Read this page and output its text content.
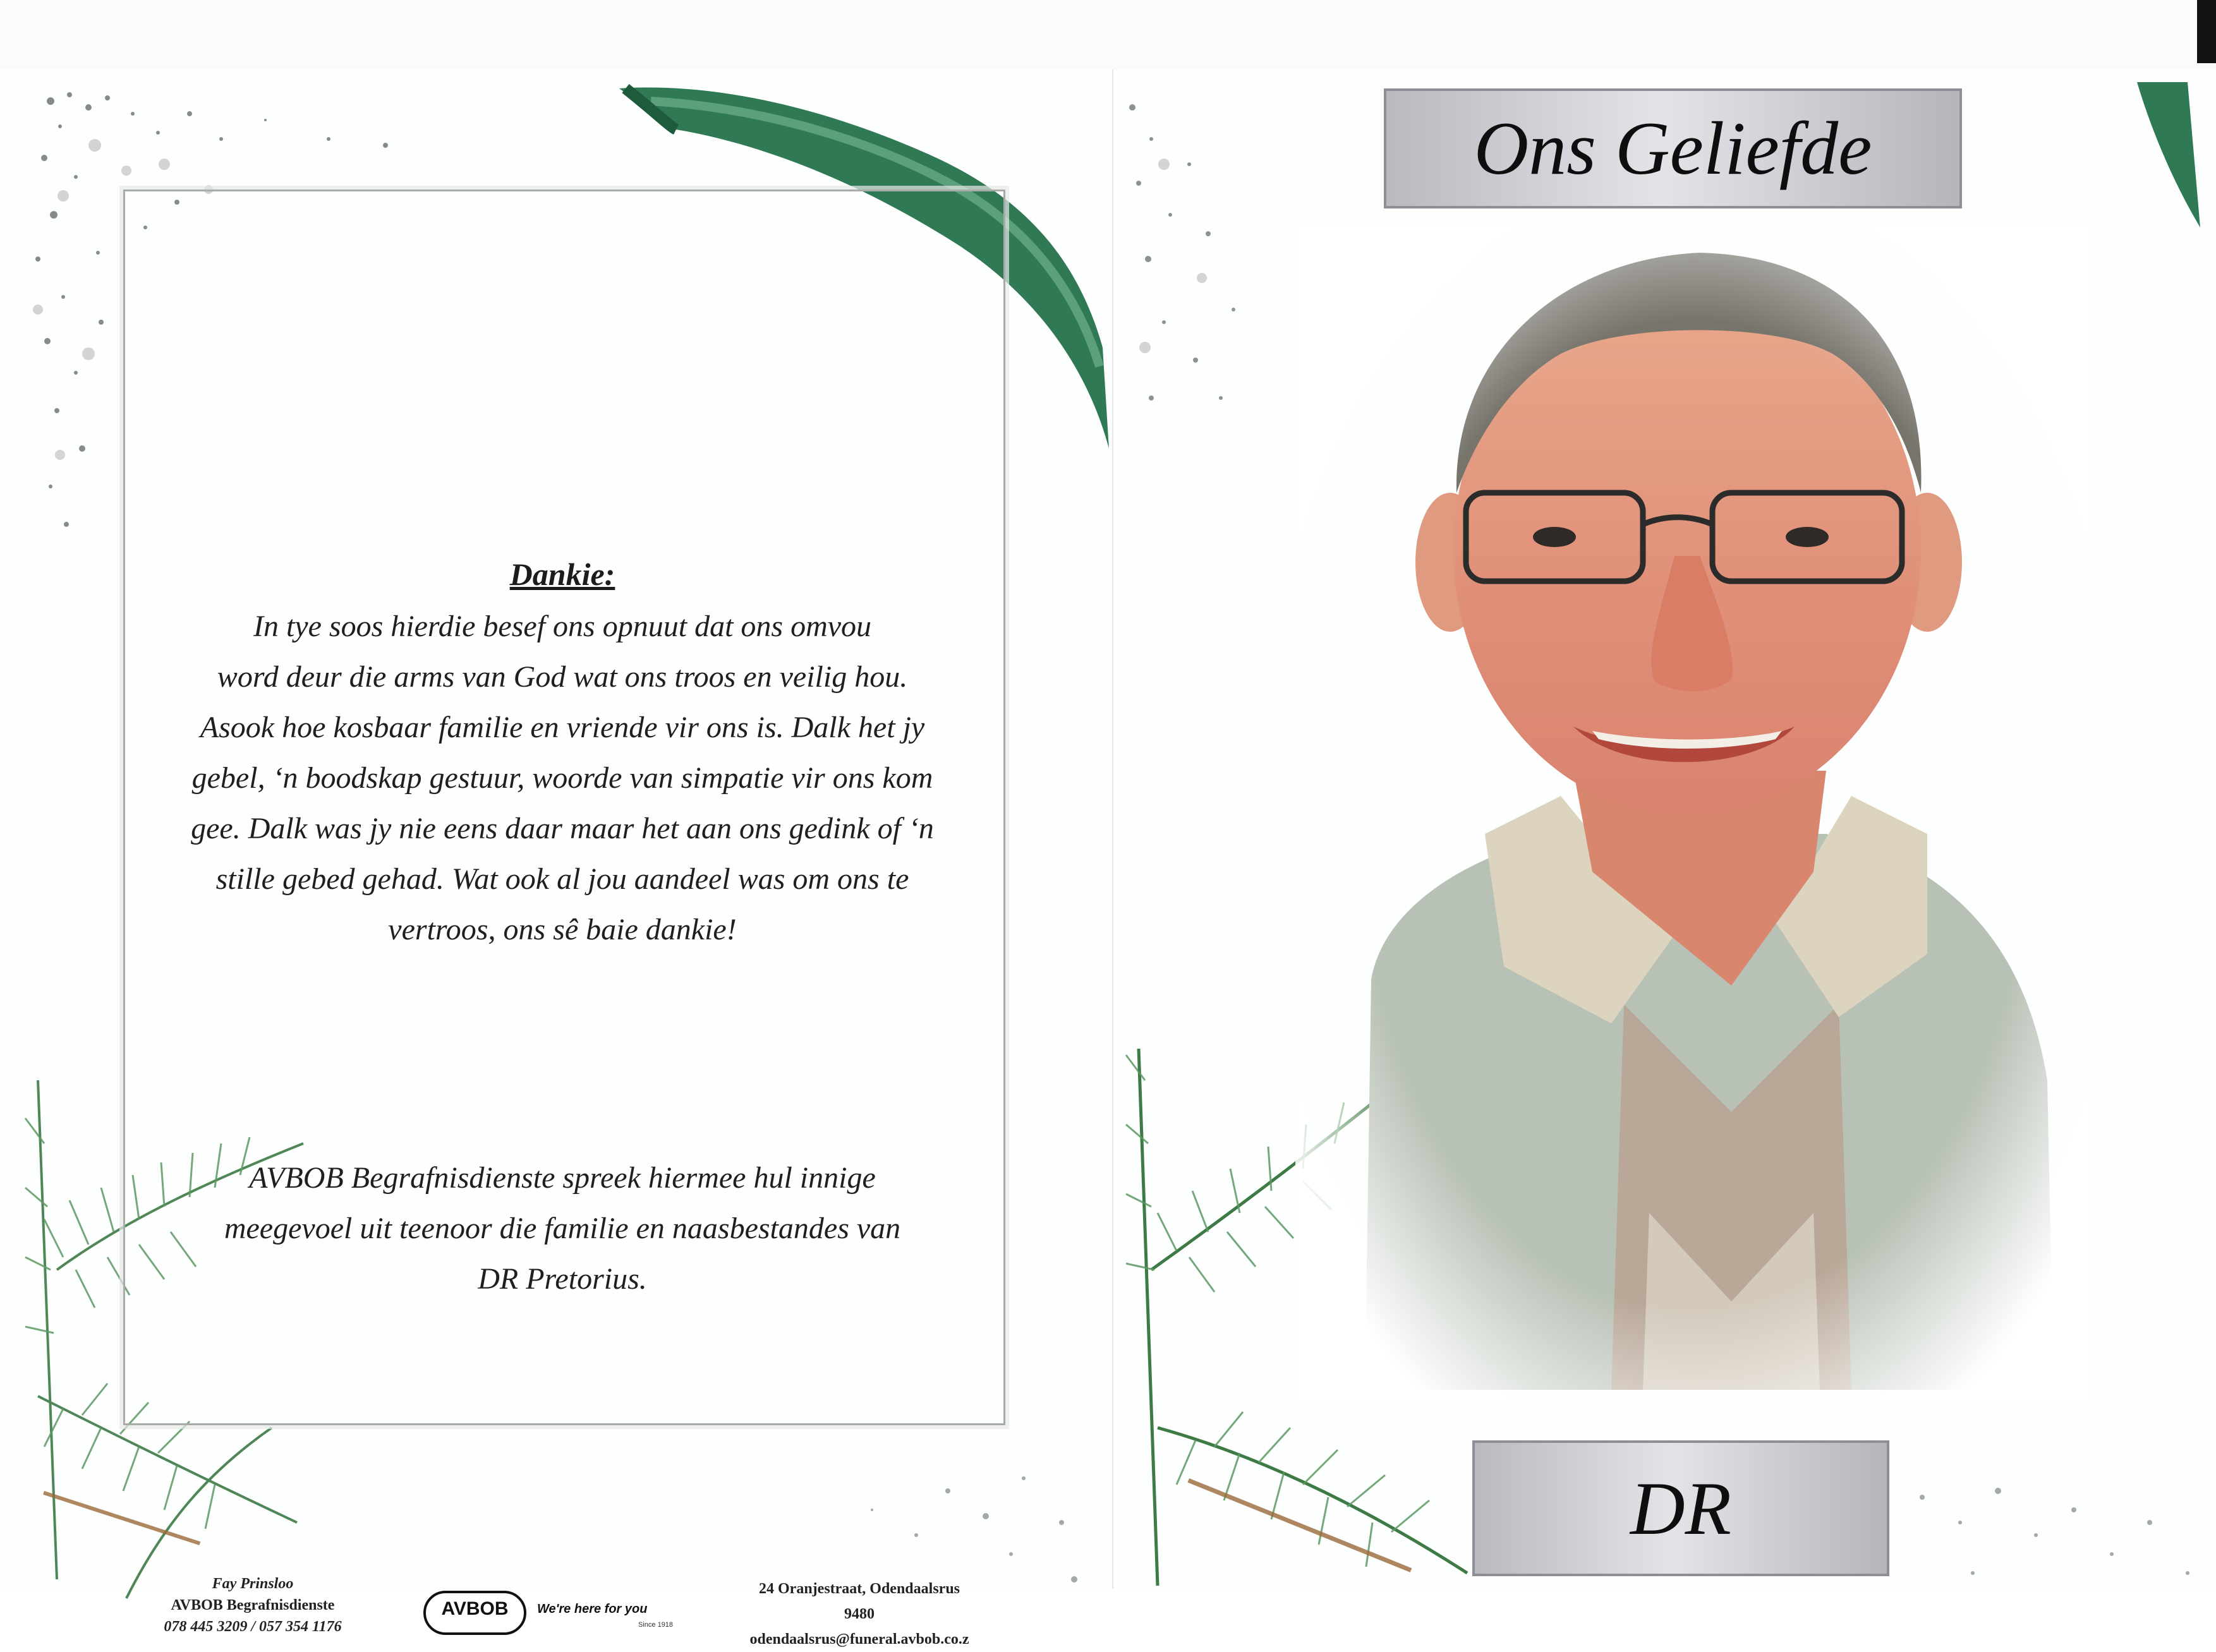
Dankie:
In tye soos hierdie besef ons opnuut dat ons omvou
word deur die arms van God wat ons troos en veilig hou.
Asook hoe kosbaar familie en vriende vir ons is. Dalk het jy
gebel, ‘n boodskap gestuur, woorde van simpatie vir ons kom
gee. Dalk was jy nie eens daar maar het aan ons gedink of ‘n
stille gebed gehad. Wat ook al jou aandeel was om ons te
vertroos, ons sê baie dankie!
AVBOB Begrafnisdienste spreek hiermee hul innige
meegevoel uit teenoor die familie en naasbestandes van
DR Pretorius.
Fay Prinsloo
AVBOB Begrafnisdienste
078 445 3209 / 057 354 1176
AVBOB	We're here for you
Since 1918
24 Oranjestraat, Odendaalsrus
9480
odendaalsrus@funeral.avbob.co.z
Ons Geliefde
DR
